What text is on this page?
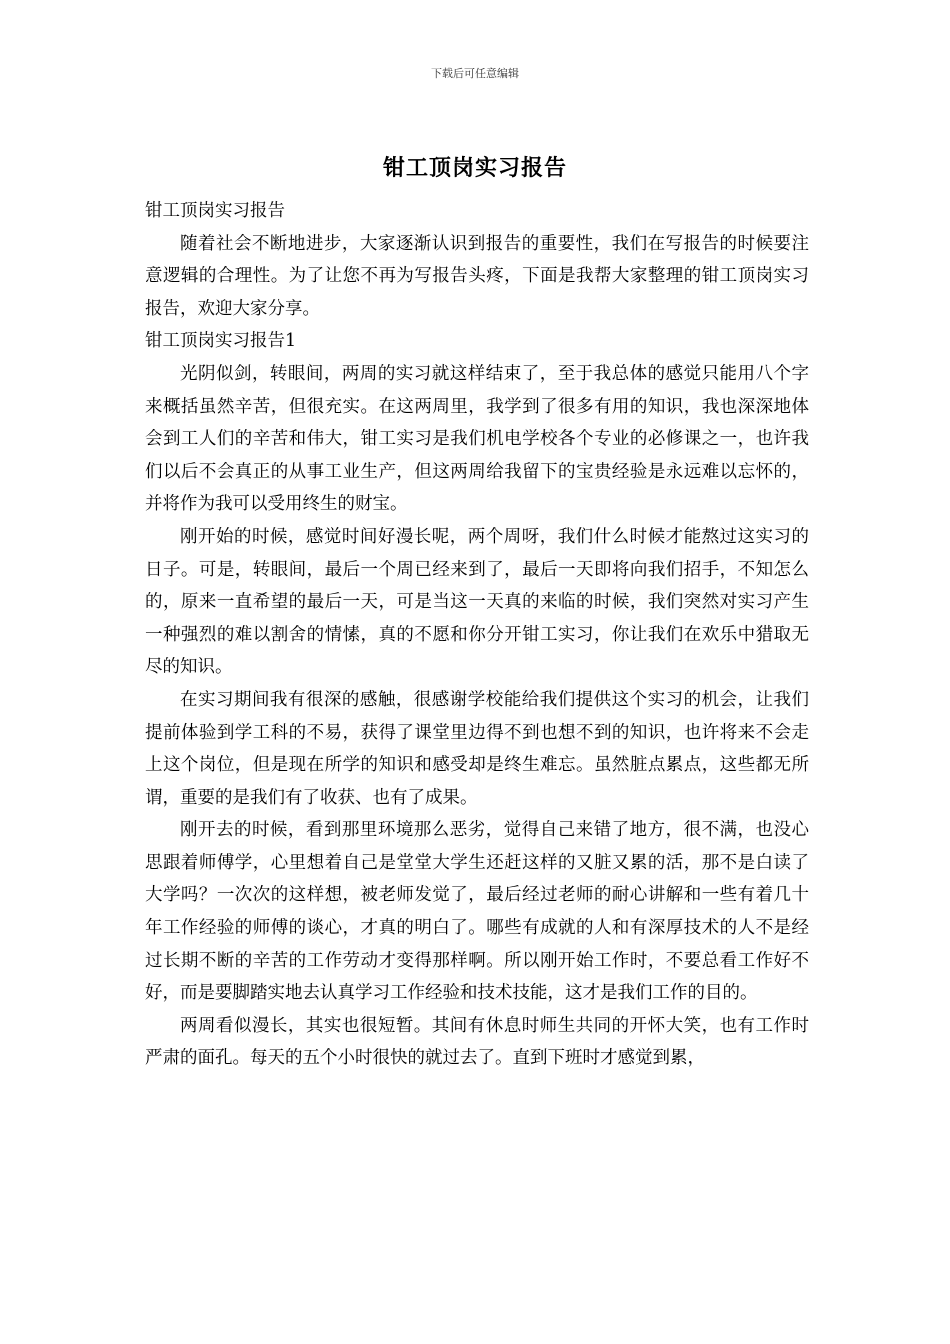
下载后可任意编辑
钳工顶岗实习报告

钳工顶岗实习报告

随着社会不断地进步，大家逐渐认识到报告的重要性，我们在写报告的时候要注意逻辑的合理性。为了让您不再为写报告头疼，下面是我帮大家整理的钳工顶岗实习报告，欢迎大家分享。

钳工顶岗实习报告1

光阴似剑，转眼间，两周的实习就这样结束了，至于我总体的感觉只能用八个字来概括虽然辛苦，但很充实。在这两周里，我学到了很多有用的知识，我也深深地体会到工人们的辛苦和伟大，钳工实习是我们机电学校各个专业的必修课之一，也许我们以后不会真正的从事工业生产，但这两周给我留下的宝贵经验是永远难以忘怀的，并将作为我可以受用终生的财宝。

刚开始的时候，感觉时间好漫长呢，两个周呀，我们什么时候才能熬过这实习的日子。可是，转眼间，最后一个周已经来到了，最后一天即将向我们招手，不知怎么的，原来一直希望的最后一天，可是当这一天真的来临的时候，我们突然对实习产生一种强烈的难以割舍的情愫，真的不愿和你分开钳工实习，你让我们在欢乐中猎取无尽的知识。

在实习期间我有很深的感触，很感谢学校能给我们提供这个实习的机会，让我们提前体验到学工科的不易，获得了课堂里边得不到也想不到的知识，也许将来不会走上这个岗位，但是现在所学的知识和感受却是终生难忘。虽然脏点累点，这些都无所谓，重要的是我们有了收获、也有了成果。

刚开去的时候，看到那里环境那么恶劣，觉得自己来错了地方，很不满，也没心思跟着师傅学，心里想着自己是堂堂大学生还赶这样的又脏又累的活，那不是白读了大学吗？一次次的这样想，被老师发觉了，最后经过老师的耐心讲解和一些有着几十年工作经验的师傅的谈心，才真的明白了。哪些有成就的人和有深厚技术的人不是经过长期不断的辛苦的工作劳动才变得那样啊。所以刚开始工作时，不要总看工作好不好，而是要脚踏实地去认真学习工作经验和技术技能，这才是我们工作的目的。

两周看似漫长，其实也很短暂。其间有休息时师生共同的开怀大笑，也有工作时严肃的面孔。每天的五个小时很快的就过去了。直到下班时才感觉到累，
